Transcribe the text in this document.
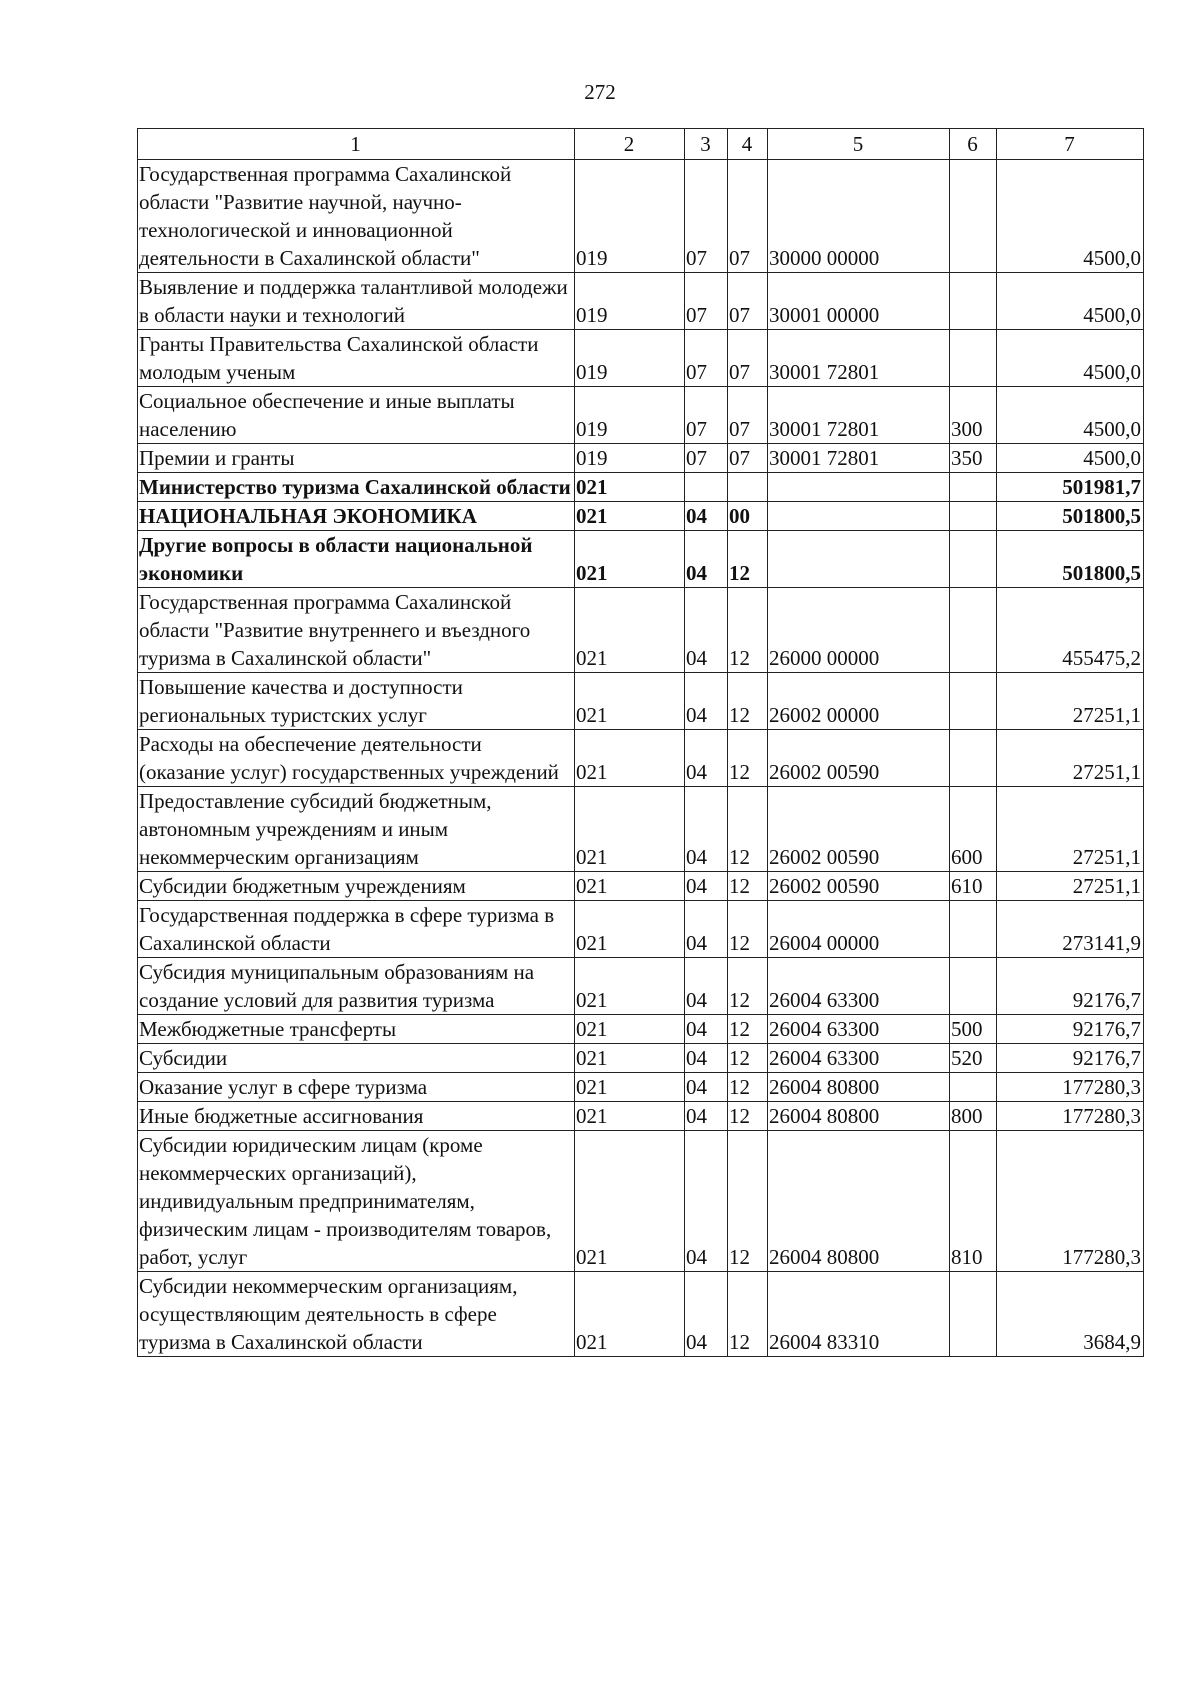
272
1	2	3	4	5	6	7
Государственная программа Сахалинской области "Развитие научной, научно-технологической и инновационной деятельности в Сахалинской области"	019	07	07	30000 00000		4500,0
Выявление и поддержка талантливой молодежи в области науки и технологий	019	07	07	30001 00000		4500,0
Гранты Правительства Сахалинской области молодым ученым	019	07	07	30001 72801		4500,0
Социальное обеспечение и иные выплаты населению	019	07	07	30001 72801	300	4500,0
Премии и гранты	019	07	07	30001 72801	350	4500,0
Министерство туризма Сахалинской области	021					501981,7
НАЦИОНАЛЬНАЯ ЭКОНОМИКА	021	04	00			501800,5
Другие вопросы в области национальной экономики	021	04	12			501800,5
Государственная программа Сахалинской области "Развитие внутреннего и въездного туризма в Сахалинской области"	021	04	12	26000 00000		455475,2
Повышение качества и доступности региональных туристских услуг	021	04	12	26002 00000		27251,1
Расходы на обеспечение деятельности (оказание услуг) государственных учреждений	021	04	12	26002 00590		27251,1
Предоставление субсидий бюджетным, автономным учреждениям и иным некоммерческим организациям	021	04	12	26002 00590	600	27251,1
Субсидии бюджетным учреждениям	021	04	12	26002 00590	610	27251,1
Государственная поддержка в сфере туризма в Сахалинской области	021	04	12	26004 00000		273141,9
Субсидия муниципальным образованиям на создание условий для развития туризма	021	04	12	26004 63300		92176,7
Межбюджетные трансферты	021	04	12	26004 63300	500	92176,7
Субсидии	021	04	12	26004 63300	520	92176,7
Оказание услуг в сфере туризма	021	04	12	26004 80800		177280,3
Иные бюджетные ассигнования	021	04	12	26004 80800	800	177280,3
Субсидии юридическим лицам (кроме некоммерческих организаций), индивидуальным предпринимателям, физическим лицам - производителям товаров, работ, услуг	021	04	12	26004 80800	810	177280,3
Субсидии некоммерческим организациям, осуществляющим деятельность в сфере туризма в Сахалинской области	021	04	12	26004 83310		3684,9
